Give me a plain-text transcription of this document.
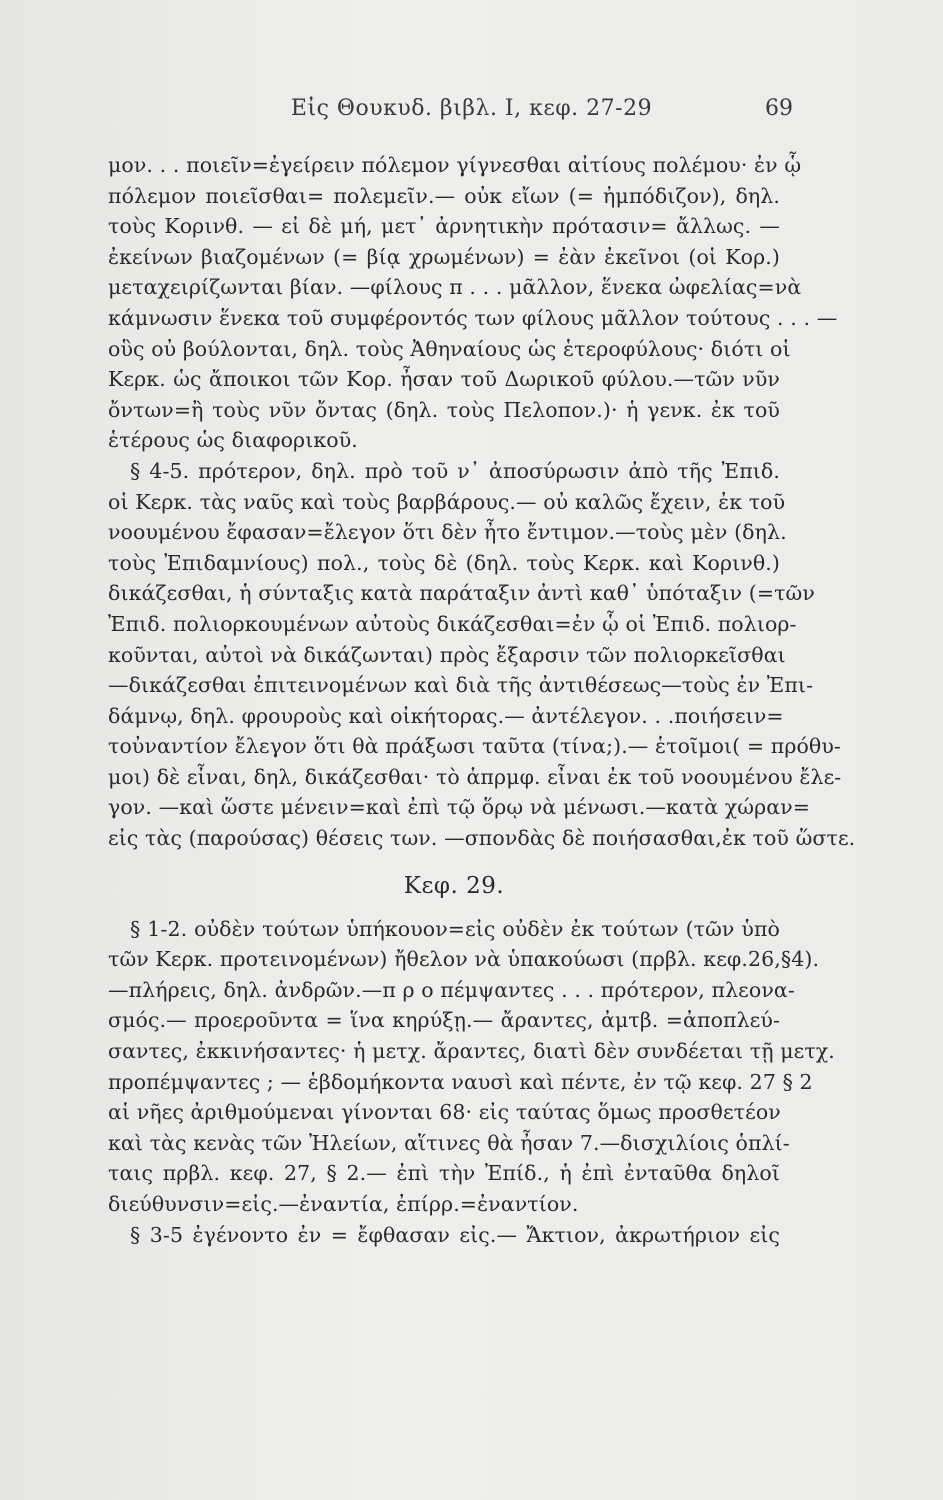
Εἰς Θουκυδ. βιβλ. Ι, κεφ. 27-29	69
μον. . . ποιεῖν=ἐγείρειν πόλεμον γίγνεσθαι αἰτίους πολέμου· ἐν ᾧ
πόλεμον ποιεῖσθαι= πολεμεῖν.— οὐκ εἴων (= ἠμπόδιζον), δηλ.
τοὺς Κορινθ. — εἰ δὲ μή, μετ᾽ ἀρνητικὴν πρότασιν= ἄλλως. —
ἐκείνων βιαζομένων (= βίᾳ χρωμένων) = ἐὰν ἐκεῖνοι (οἱ Κορ.)
μεταχειρίζωνται βίαν. —φίλους π . . . μᾶλλον, ἕνεκα ὠφελίας=νὰ
κάμνωσιν ἕνεκα τοῦ συμφέροντός των φίλους μᾶλλον τούτους . . . —
οὓς οὐ βούλονται, δηλ. τοὺς Ἀθηναίους ὡς ἑτεροφύλους· διότι οἱ
Κερκ. ὡς ἄποικοι τῶν Κορ. ἦσαν τοῦ Δωρικοῦ φύλου.—τῶν νῦν
ὄντων=ἢ τοὺς νῦν ὄντας (δηλ. τοὺς Πελοπον.)· ἡ γενκ. ἐκ τοῦ
ἑτέρους ὡς διαφορικοῦ.
§ 4-5. πρότερον, δηλ. πρὸ τοῦ ν᾽ ἀποσύρωσιν ἀπὸ τῆς Ἐπιδ.
οἱ Κερκ. τὰς ναῦς καὶ τοὺς βαρβάρους.— οὐ καλῶς ἔχειν, ἐκ τοῦ
νοουμένου ἔφασαν=ἔλεγον ὅτι δὲν ἦτο ἔντιμον.—τοὺς μὲν (δηλ.
τοὺς Ἐπιδαμνίους) πολ., τοὺς δὲ (δηλ. τοὺς Κερκ. καὶ Κορινθ.)
δικάζεσθαι, ἡ σύνταξις κατὰ παράταξιν ἀντὶ καθ᾽ ὑπόταξιν (=τῶν
Ἐπιδ. πολιορκουμένων αὐτοὺς δικάζεσθαι=ἐν ᾧ οἱ Ἐπιδ. πολιορ-
κοῦνται, αὐτοὶ νὰ δικάζωνται) πρὸς ἔξαρσιν τῶν πολιορκεῖσθαι
—δικάζεσθαι ἐπιτεινομένων καὶ διὰ τῆς ἀντιθέσεως—τοὺς ἐν Ἐπι-
δάμνῳ, δηλ. φρουροὺς καὶ οἰκήτορας.— ἀντέλεγον. . .ποιήσειν=
τοὐναντίον ἔλεγον ὅτι θὰ πράξωσι ταῦτα (τίνα;).— ἑτοῖμοι( = πρόθυ-
μοι) δὲ εἶναι, δηλ, δικάζεσθαι· τὸ ἀπρμφ. εἶναι ἐκ τοῦ νοουμένου ἔλε-
γον. —καὶ ὥστε μένειν=καὶ ἐπὶ τῷ ὅρῳ νὰ μένωσι.—κατὰ χώραν=
εἰς τὰς (παρούσας) θέσεις των. —σπονδὰς δὲ ποιήσασθαι,ἐκ τοῦ ὥστε.
Κεφ. 29.
§ 1-2. οὐδὲν τούτων ὑπήκουον=εἰς οὐδὲν ἐκ τούτων (τῶν ὑπὸ
τῶν Κερκ. προτεινομένων) ἤθελον νὰ ὑπακούωσι (πρβλ. κεφ.26,§4).
—πλήρεις, δηλ. ἀνδρῶν.—π ρ ο πέμψαντες . . . πρότερον, πλεονα-
σμός.— προεροῦντα = ἵνα κηρύξῃ.— ἄραντες, ἀμτβ. =ἀποπλεύ-
σαντες, ἐκκινήσαντες· ἡ μετχ. ἄραντες, διατὶ δὲν συνδέεται τῇ μετχ.
προπέμψαντες ; — ἑβδομήκοντα ναυσὶ καὶ πέντε, ἐν τῷ κεφ. 27 § 2
αἱ νῆες ἀριθμούμεναι γίνονται 68· εἰς ταύτας ὅμως προσθετέον
καὶ τὰς κενὰς τῶν Ἠλείων, αἵτινες θὰ ἦσαν 7.—δισχιλίοις ὁπλί-
ταις πρβλ. κεφ. 27, § 2.— ἐπὶ τὴν Ἐπίδ., ἡ ἐπὶ ἐνταῦθα δηλοῖ
διεύθυνσιν=εἰς.—ἐναντία, ἐπίρρ.=ἐναντίον.
§ 3-5 ἐγένοντο ἐν = ἔφθασαν εἰς.— Ἄκτιον, ἀκρωτήριον εἰς
